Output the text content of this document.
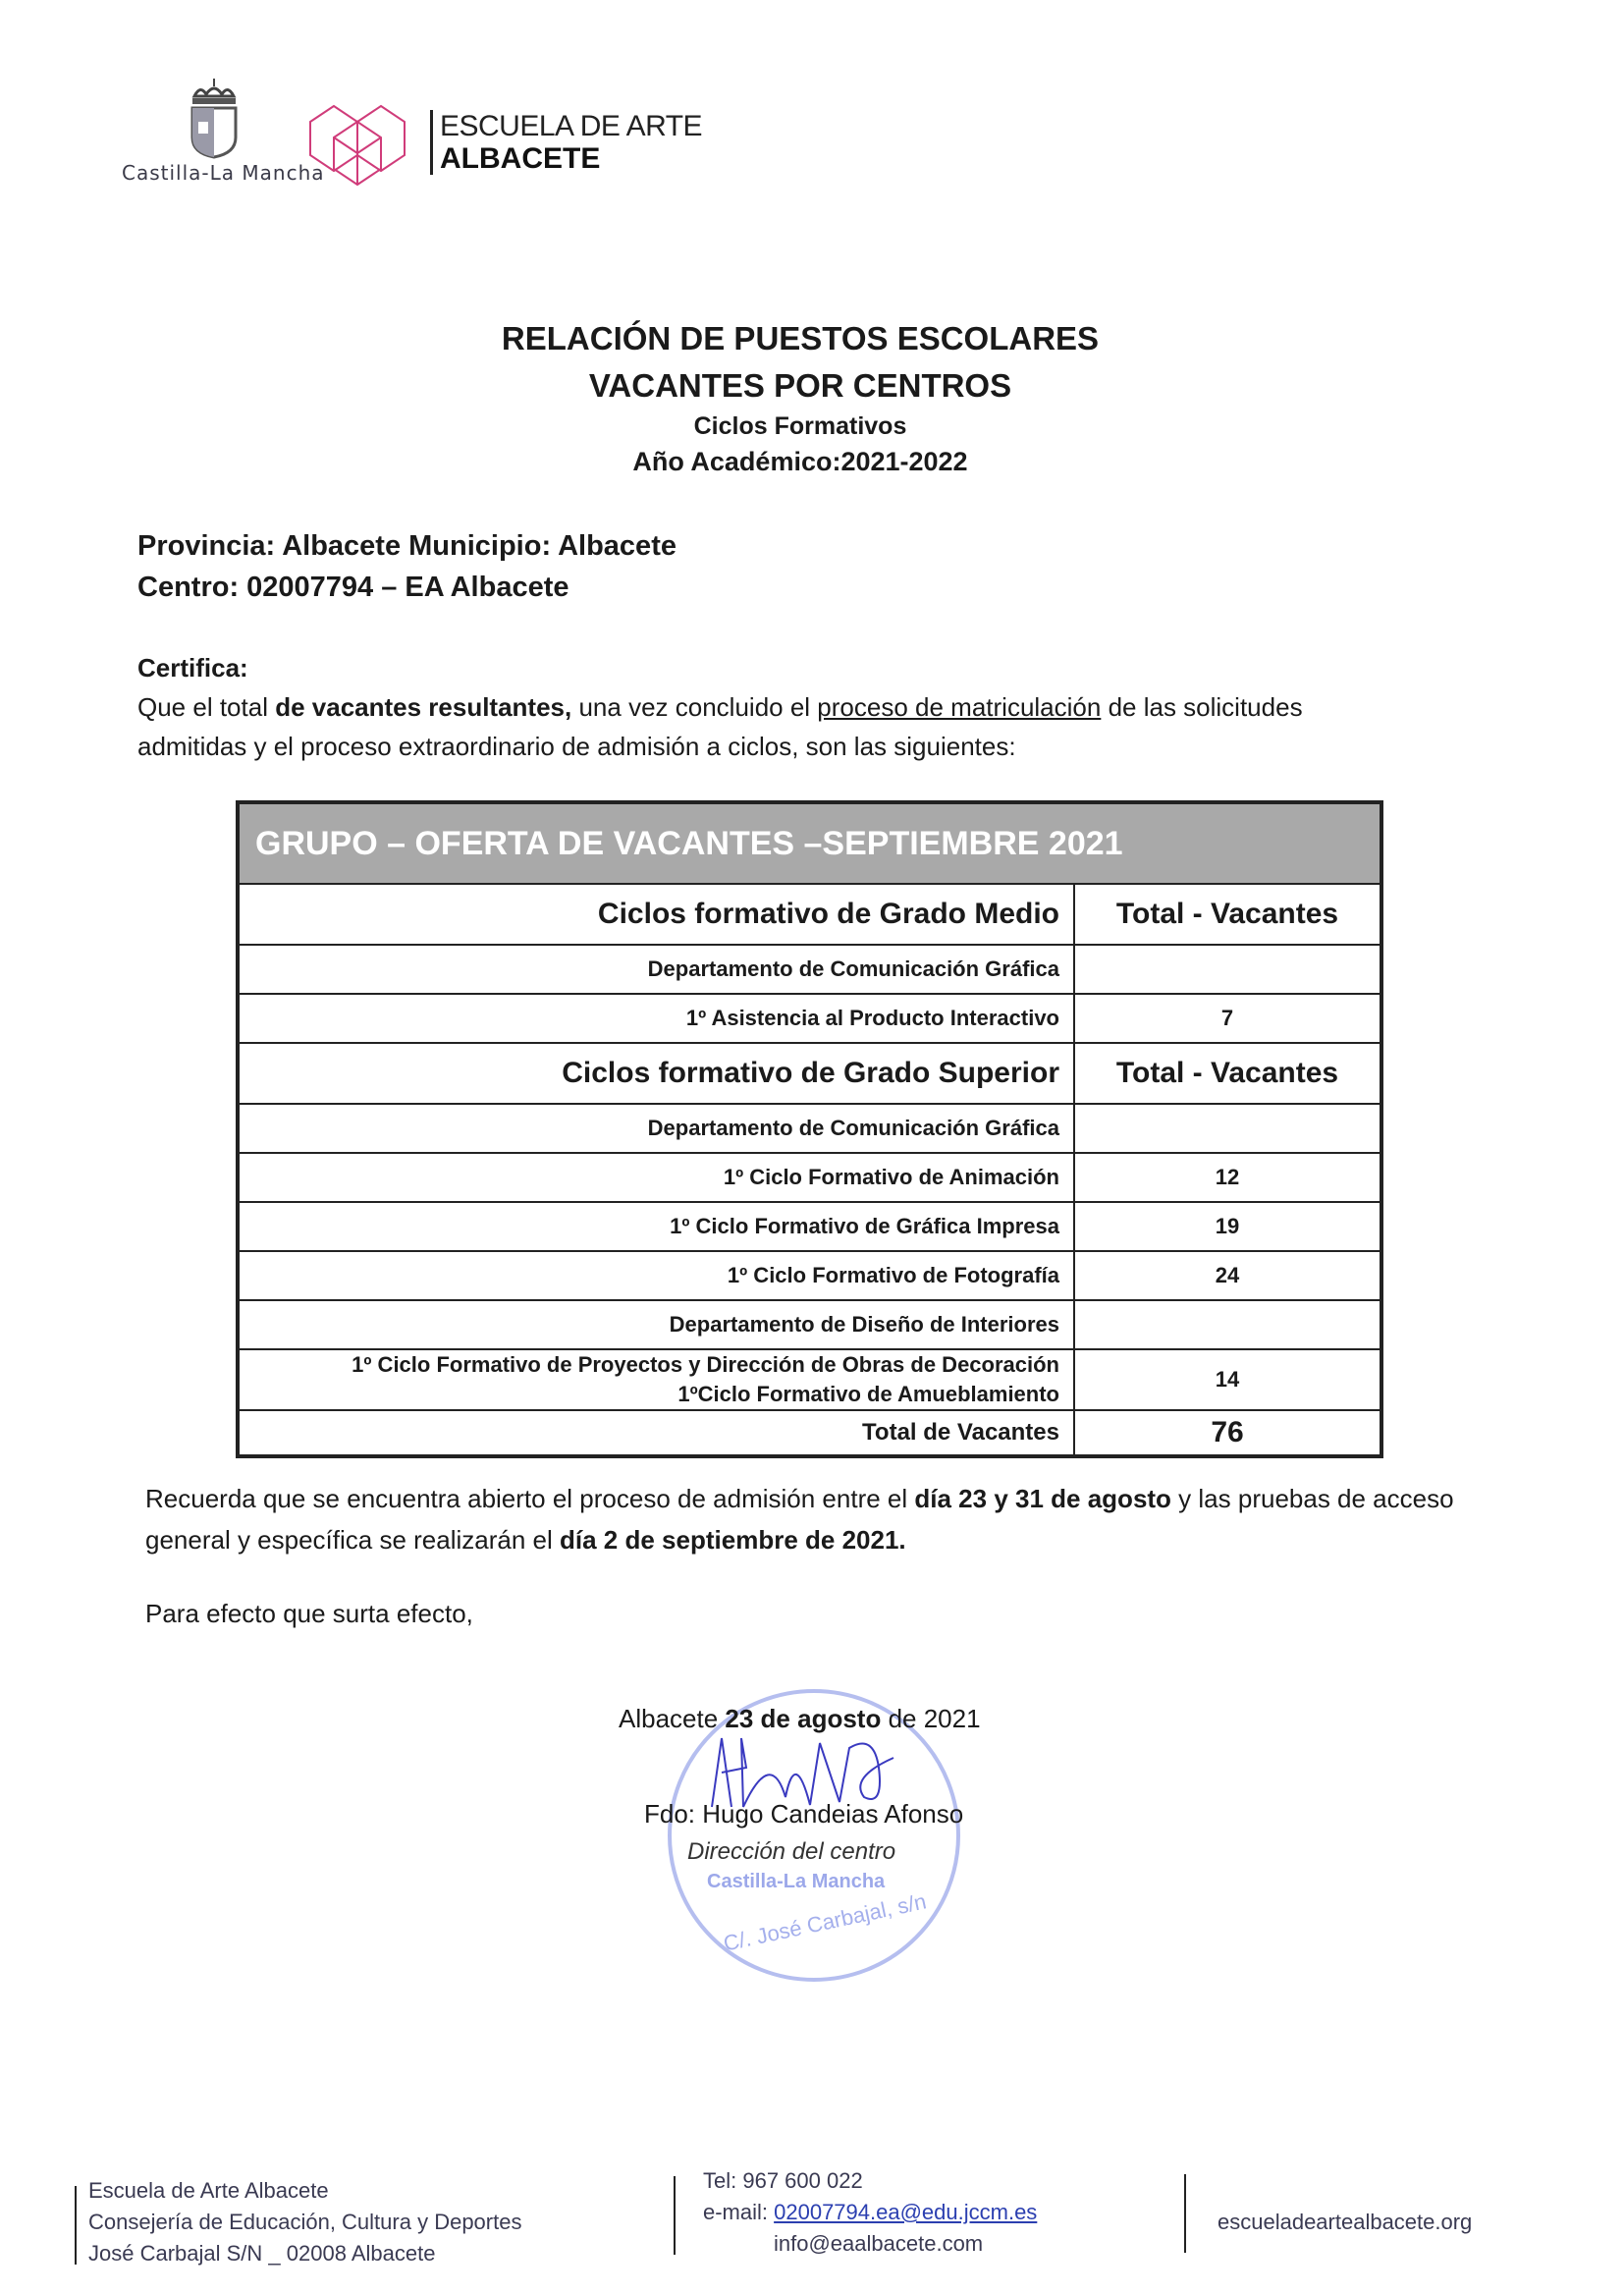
Castilla-La Mancha
ESCUELA DE ARTE
ALBACETE
RELACIÓN DE PUESTOS ESCOLARES
VACANTES POR CENTROS
Ciclos Formativos
Año Académico:2021-2022
Provincia: Albacete Municipio: Albacete
Centro: 02007794 – EA Albacete
Certifica:
Que el total de vacantes resultantes, una vez concluido el proceso de matriculación de las solicitudes admitidas y el proceso extraordinario de admisión a ciclos, son las siguientes:
GRUPO – OFERTA DE VACANTES –SEPTIEMBRE 2021	
Ciclos formativo de Grado Medio	Total - Vacantes
Departamento de Comunicación Gráfica	
1º Asistencia al Producto Interactivo	7
Ciclos formativo de Grado Superior	Total - Vacantes
Departamento de Comunicación Gráfica	
1º Ciclo Formativo de Animación	12
1º Ciclo Formativo de Gráfica Impresa	19
1º Ciclo Formativo de Fotografía	24
Departamento de Diseño de Interiores	

1º Ciclo Formativo de Proyectos y Dirección de Obras de Decoración
1ºCiclo Formativo de Amueblamiento	14
Total de Vacantes	76
Recuerda que se encuentra abierto el proceso de admisión entre el día 23 y 31 de agosto y las pruebas de acceso general y específica se realizarán el día 2 de septiembre de 2021.
Para efecto que surta efecto,
Castilla-La Mancha
C/. José Carbajal, s/n
Albacete 23 de agosto de 2021
Fdo: Hugo Candeias Afonso
Dirección del centro
Escuela de Arte Albacete
Consejería de Educación, Cultura y Deportes
José Carbajal S/N _ 02008 Albacete
Tel: 967 600 022
e-mail: 02007794.ea@edu.jccm.es
info@eaalbacete.com
escueladeartealbacete.org
